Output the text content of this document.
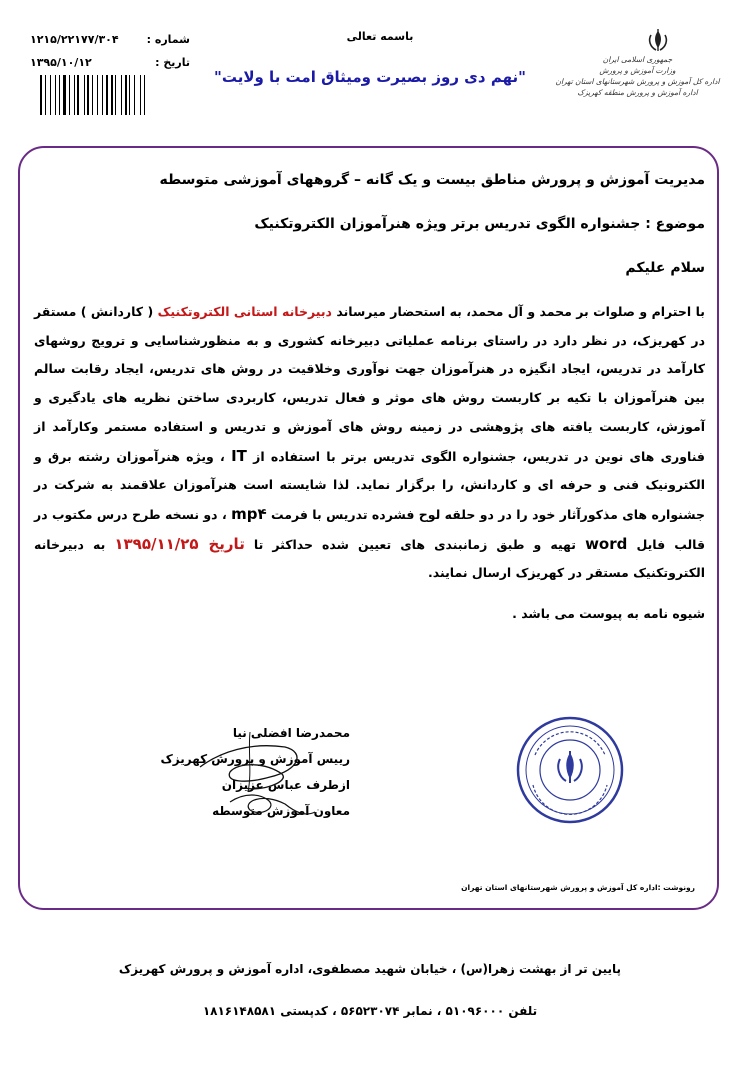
باسمه تعالی
شماره :
۱۲۱۵/۲۲۱۷۷/۳۰۴
تاریخ :
۱۳۹۵/۱۰/۱۲
"نهم دی روز بصیرت ومیثاق امت با ولایت"
جمهوری اسلامی ایران
وزارت آموزش و پرورش
اداره کل آموزش و پرورش شهرستانهای استان تهران
اداره آموزش و پرورش منطقه کهریزک

مدیریت آموزش و پرورش مناطق بیست و یک گانه – گروههای آموزشی متوسطه

موضوع : جشنواره الگوی تدریس برتر ویژه هنرآموزان الکتروتکنیک

سلام علیکم

با احترام و صلوات بر محمد و آل محمد، به استحضار میرساند دبیرخانه استانی الکتروتکنیک ( کاردانش ) مستقر در کهریزک، در نظر دارد در راستای برنامه عملیاتی دبیرخانه کشوری و به منظورشناسایی و ترویج روشهای کارآمد در تدریس، ایجاد انگیزه در هنرآموزان جهت نوآوری وخلاقیت در روش های تدریس، ایجاد رقابت سالم بین هنرآموزان با تکیه بر کاربست روش های موثر و فعال تدریس، کاربردی ساختن نظریه های یادگیری و آموزش، کاربست یافته های پژوهشی در زمینه روش های آموزش و تدریس و استفاده مستمر وکارآمد از فناوری های نوین در تدریس، جشنواره الگوی تدریس برتر با استفاده از IT ، ویژه هنرآموزان رشته برق و الکترونیک فنی و حرفه ای و کاردانش، را برگزار نماید. لذا شایسته است هنرآموزان علاقمند به شرکت در جشنواره های مذکورآثار خود را در دو حلقه لوح فشرده تدریس با فرمت mp۴ ، دو نسخه طرح درس مکتوب در قالب فایل word تهیه و طبق زمانبندی های تعیین شده حداکثر تا تاریخ ۱۳۹۵/۱۱/۲۵ به دبیرخانه الکتروتکنیک مستقر در کهریزک ارسال نمایند.

شیوه نامه به پیوست می باشد .
محمدرضا افضلی نیا
رییس آموزش و پرورش کهریزک
ازطرف عباس عزیزان
معاون آموزش متوسطه
رونوشت :اداره کل آموزش و پرورش شهرستانهای استان تهران
پایین تر از بهشت زهرا(س) ، خیابان شهید مصطفوی، اداره آموزش و پرورش کهریزک
تلفن ۵۱۰۹۶۰۰۰ ، نمابر ۵۶۵۲۳۰۷۴ ، کدپستی ۱۸۱۶۱۴۸۵۸۱
